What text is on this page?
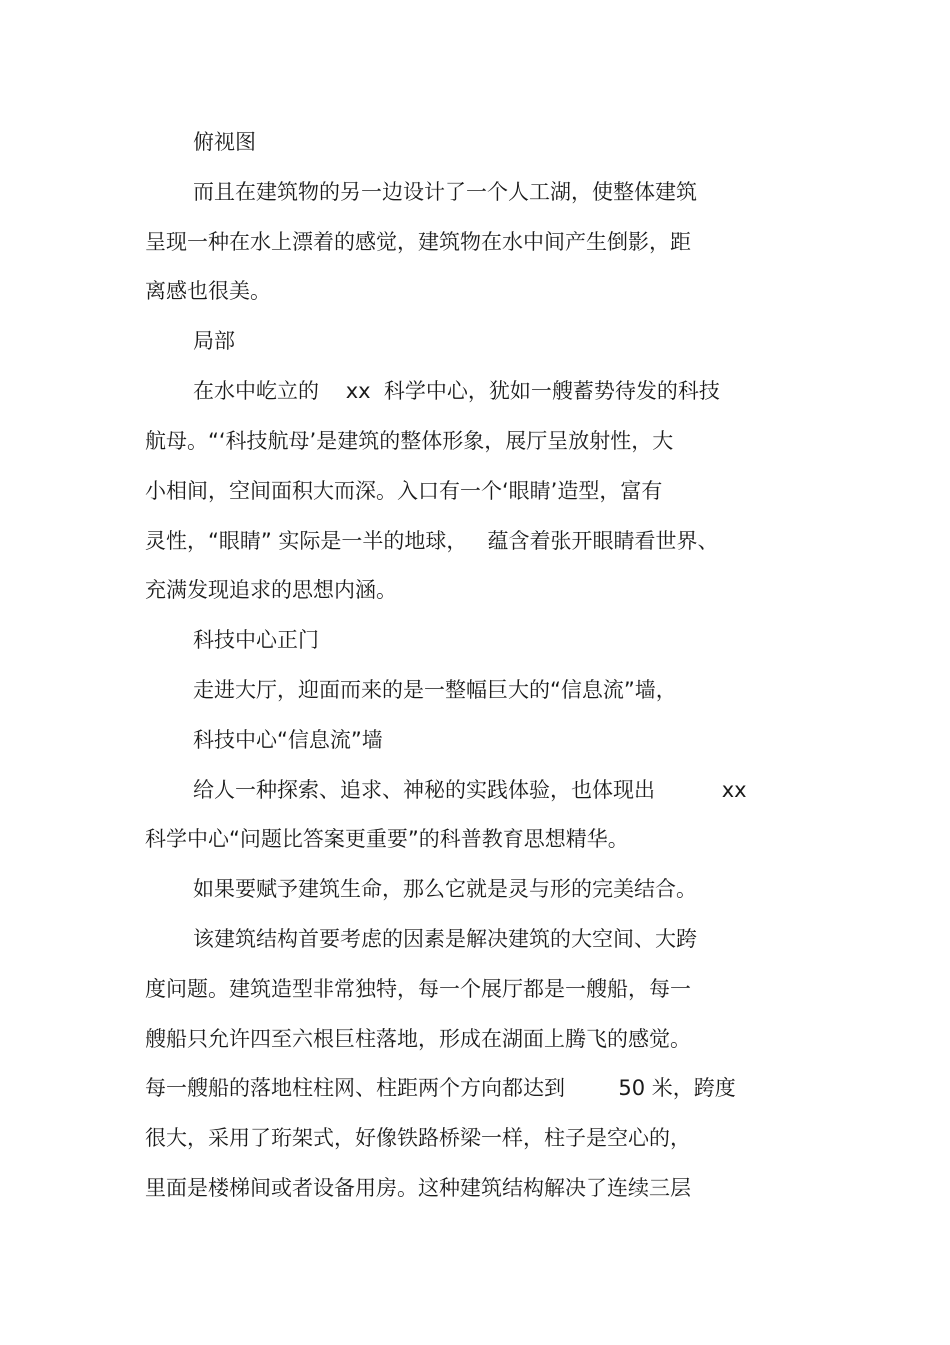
俯视图

而且在建筑物的另一边设计了一个人工湖，使整体建筑

呈现一种在水上漂着的感觉，建筑物在水中间产生倒影，距

离感也很美。

局部

在水中屹立的    xx  科学中心，犹如一艘蓄势待发的科技

航母。“‘科技航母’是建筑的整体形象，展厅呈放射性，大

小相间，空间面积大而深。入口有一个‘眼睛’造型，富有

灵性，“眼睛” 实际是一半的地球，   蕴含着张开眼睛看世界、

充满发现追求的思想内涵。

科技中心正门

走进大厅，迎面而来的是一整幅巨大的“信息流”墙，

科技中心“信息流”墙

给人一种探索、追求、神秘的实践体验，也体现出          xx

科学中心“问题比答案更重要”的科普教育思想精华。

如果要赋予建筑生命，那么它就是灵与形的完美结合。

该建筑结构首要考虑的因素是解决建筑的大空间、大跨

度问题。建筑造型非常独特，每一个展厅都是一艘船，每一

艘船只允许四至六根巨柱落地，形成在湖面上腾飞的感觉。

每一艘船的落地柱柱网、柱距两个方向都达到        50 米，跨度

很大，采用了珩架式，好像铁路桥梁一样，柱子是空心的，

里面是楼梯间或者设备用房。这种建筑结构解决了连续三层
